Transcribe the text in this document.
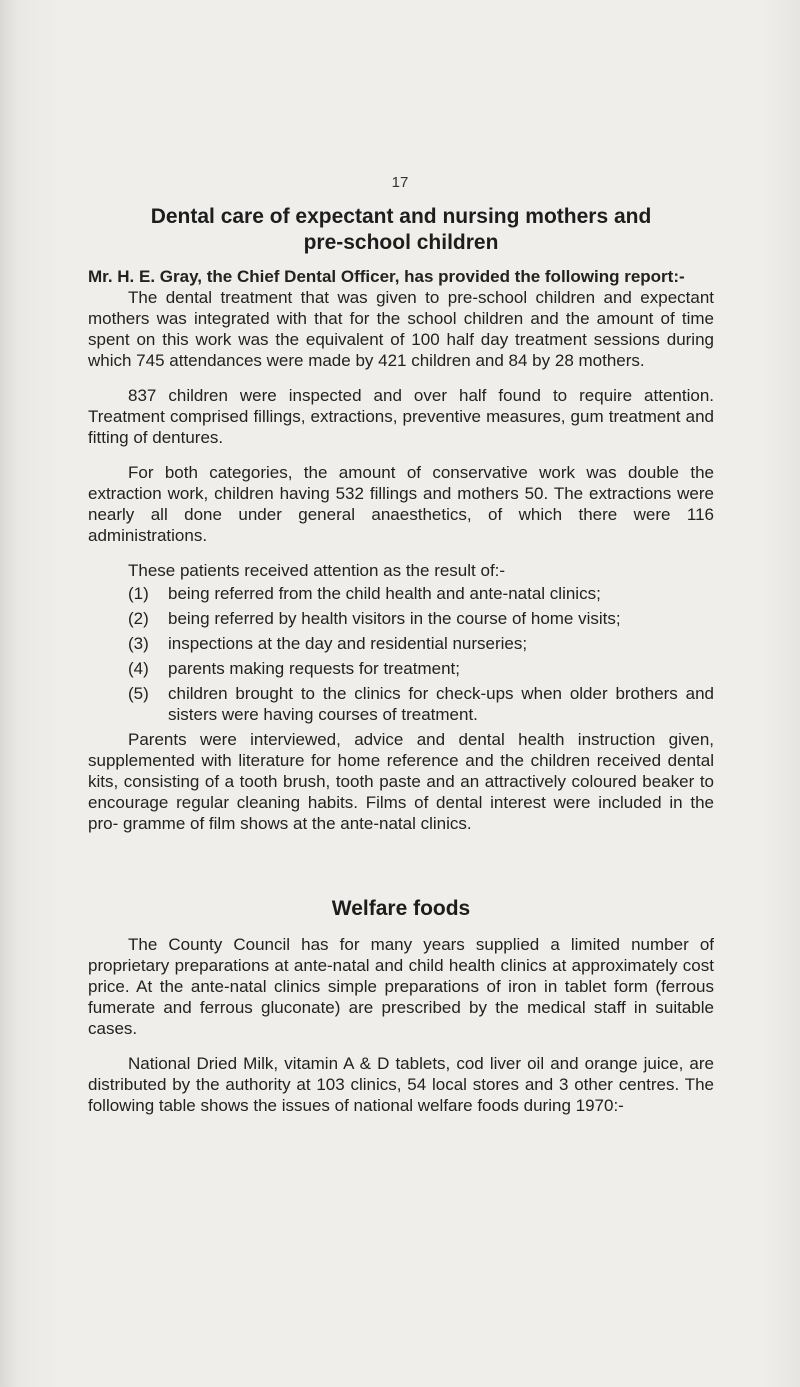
17
Dental care of expectant and nursing mothers and
pre-school children

Mr. H. E. Gray, the Chief Dental Officer, has provided the following report:-

The dental treatment that was given to pre-school children and expectant mothers was integrated with that for the school children and the amount of time spent on this work was the equivalent of 100 half day treatment sessions during which 745 attendances were made by 421 children and 84 by 28 mothers.

837 children were inspected and over half found to require attention. Treatment comprised fillings, extractions, preventive measures, gum treatment and fitting of dentures.

For both categories, the amount of conservative work was double the extraction work, children having 532 fillings and mothers 50. The extractions were nearly all done under general anaesthetics, of which there were 116 administrations.

These patients received attention as the result of:-

(1) being referred from the child health and ante-natal clinics;
(2) being referred by health visitors in the course of home visits;
(3) inspections at the day and residential nurseries;
(4) parents making requests for treatment;
(5) children brought to the clinics for check-ups when older brothers and sisters were having courses of treatment.

Parents were interviewed, advice and dental health instruction given, supplemented with literature for home reference and the children received dental kits, consisting of a tooth brush, tooth paste and an attractively coloured beaker to encourage regular cleaning habits. Films of dental interest were included in the pro- gramme of film shows at the ante-natal clinics.

Welfare foods

The County Council has for many years supplied a limited number of proprietary preparations at ante-natal and child health clinics at approximately cost price. At the ante-natal clinics simple preparations of iron in tablet form (ferrous fumerate and ferrous gluconate) are prescribed by the medical staff in suitable cases.

National Dried Milk, vitamin A & D tablets, cod liver oil and orange juice, are distributed by the authority at 103 clinics, 54 local stores and 3 other centres. The following table shows the issues of national welfare foods during 1970:-
